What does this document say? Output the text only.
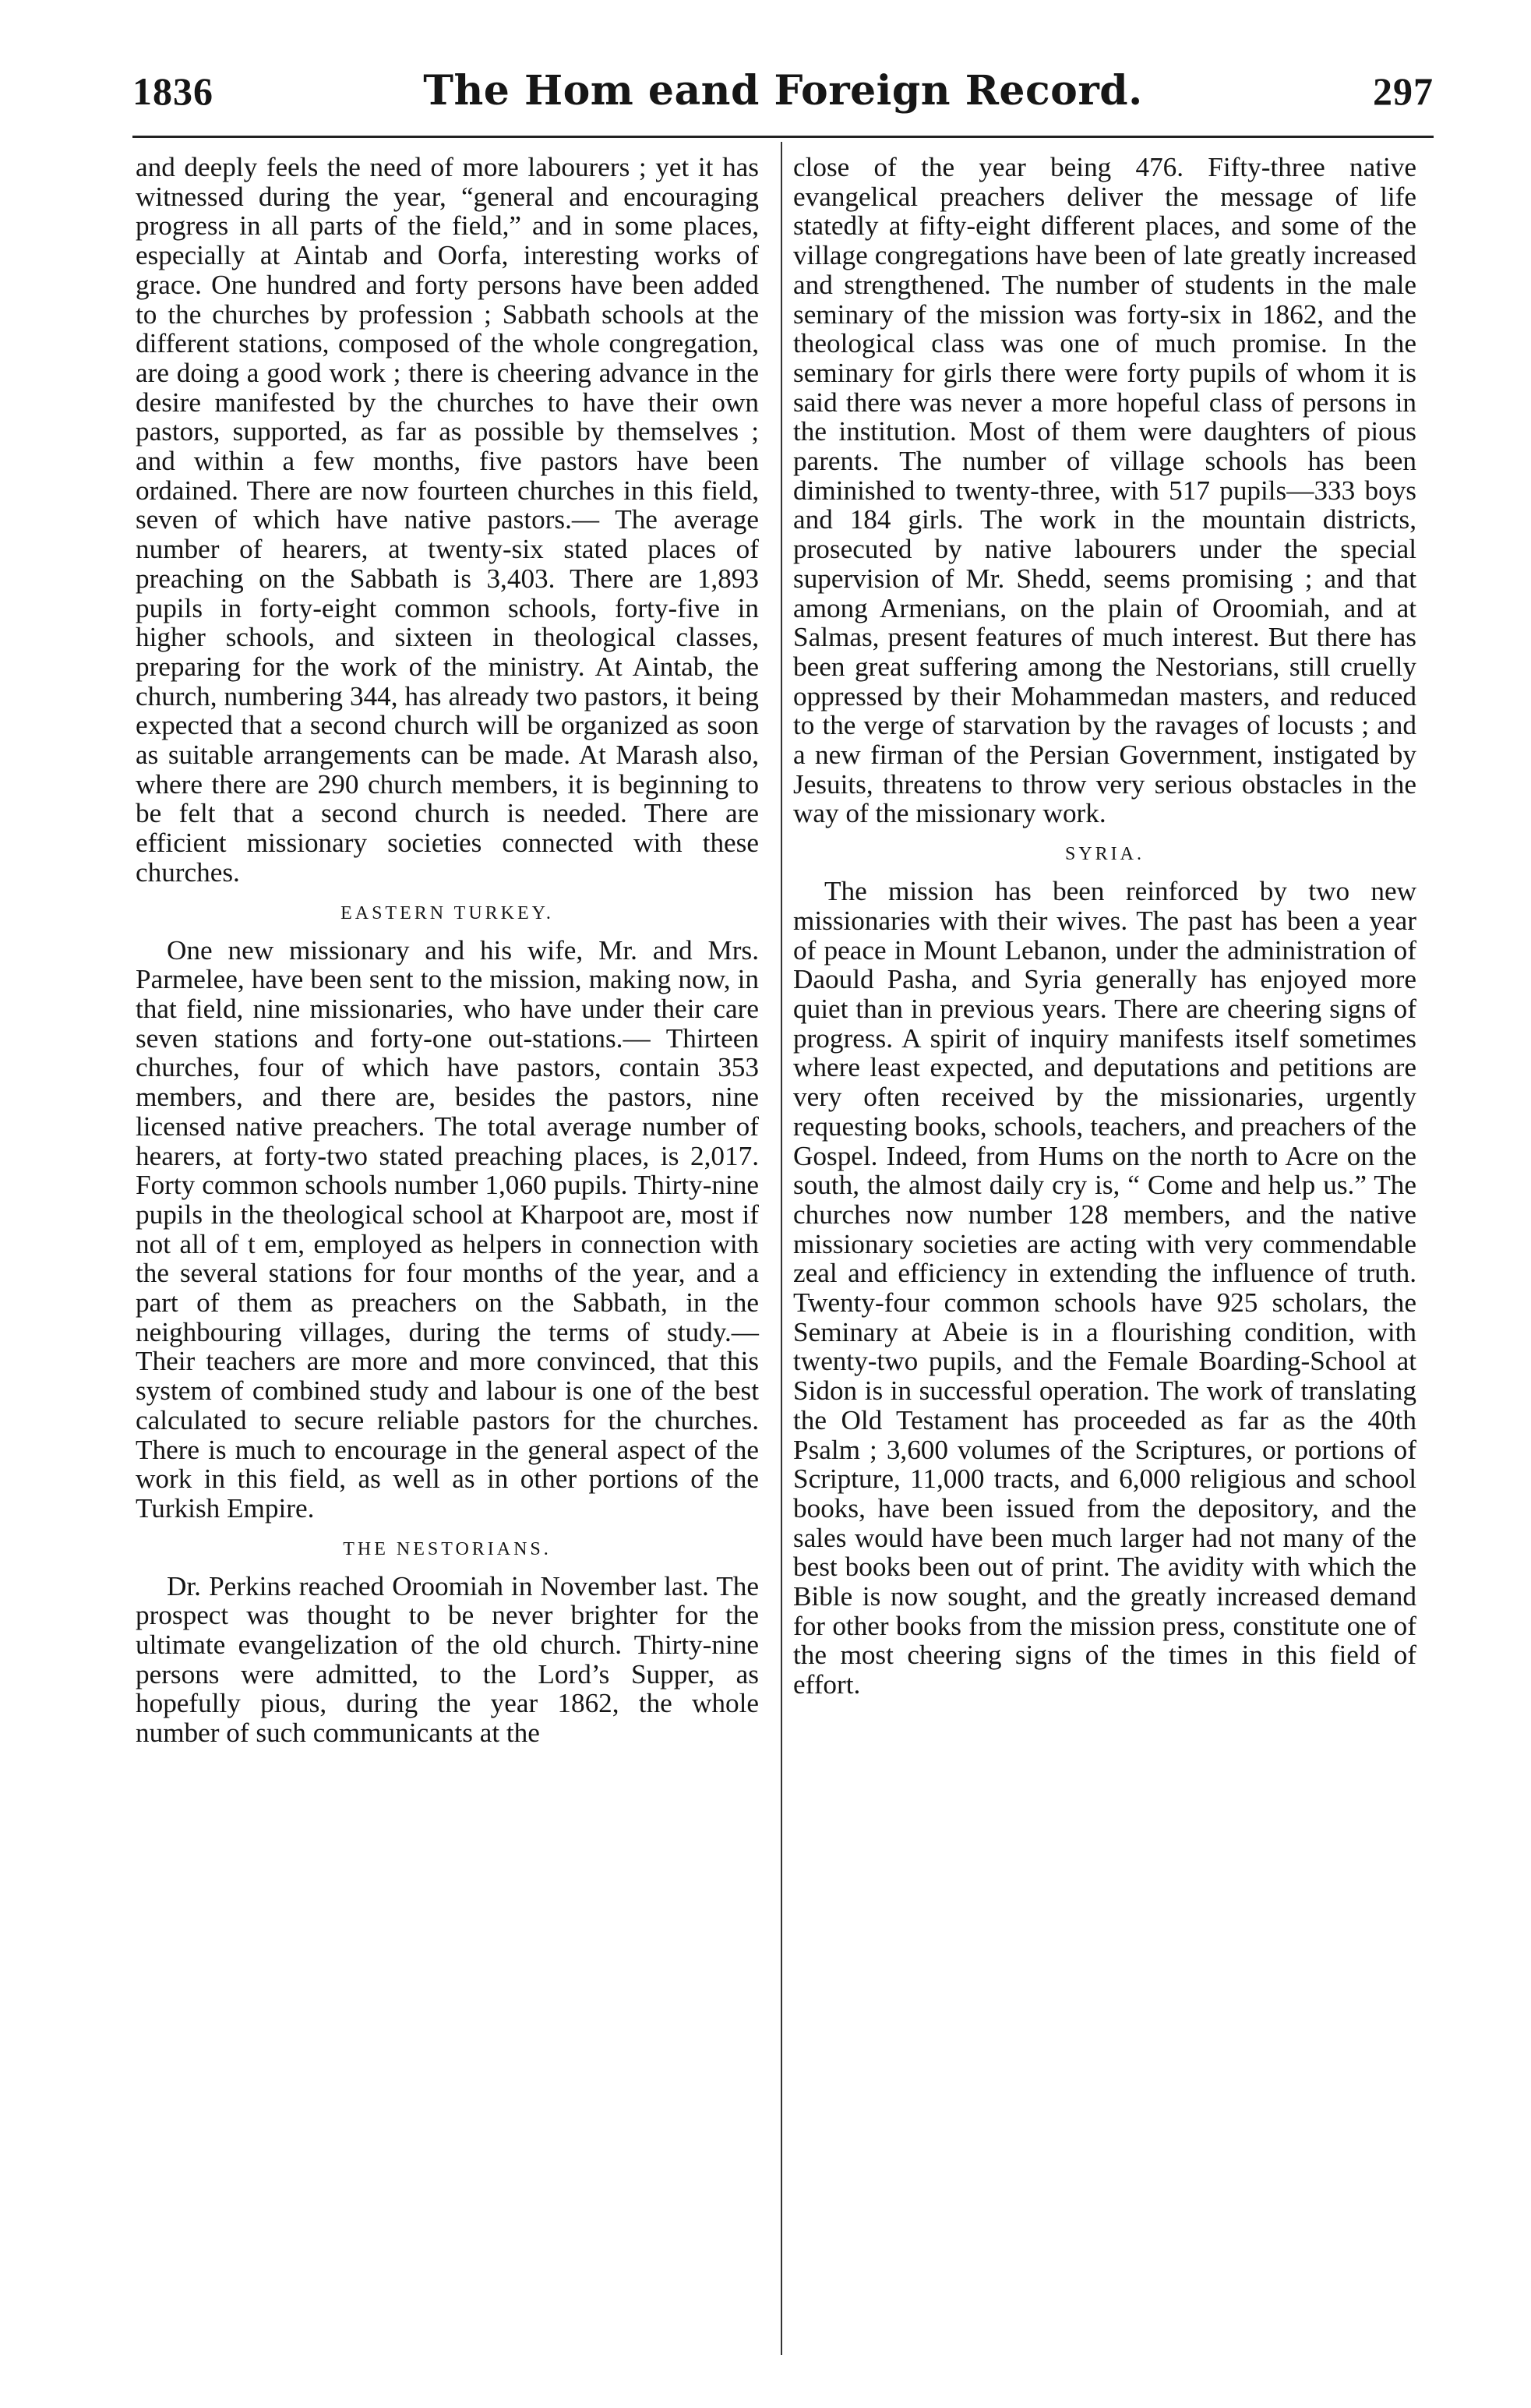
1836	The Hom eand Foreign Record.	297

and deeply feels the need of more labourers ; yet it has witnessed during the year, “general and encouraging progress in all parts of the field,” and in some places, especially at Aintab and Oorfa, interesting works of grace. One hundred and forty persons have been added to the churches by profession ; Sabbath schools at the different stations, composed of the whole congregation, are doing a good work ; there is cheering advance in the desire manifested by the churches to have their own pastors, supported, as far as possible by themselves ; and within a few months, five pastors have been ordained. There are now fourteen churches in this field, seven of which have native pastors.— The average number of hearers, at twenty-six stated places of preaching on the Sabbath is 3,403. There are 1,893 pupils in forty-eight common schools, forty-five in higher schools, and sixteen in theological classes, preparing for the work of the ministry. At Aintab, the church, numbering 344, has already two pastors, it being expected that a second church will be organized as soon as suitable arrangements can be made. At Marash also, where there are 290 church members, it is beginning to be felt that a second church is needed. There are efficient missionary societies connected with these churches.

EASTERN TURKEY.

One new missionary and his wife, Mr. and Mrs. Parmelee, have been sent to the mission, making now, in that field, nine missionaries, who have under their care seven stations and forty-one out-stations.— Thirteen churches, four of which have pastors, contain 353 members, and there are, besides the pastors, nine licensed native preachers. The total average number of hearers, at forty-two stated preaching places, is 2,017. Forty common schools number 1,060 pupils. Thirty-nine pupils in the theological school at Kharpoot are, most if not all of t em, employed as helpers in connection with the several stations for four months of the year, and a part of them as preachers on the Sabbath, in the neighbouring villages, during the terms of study.— Their teachers are more and more convinced, that this system of combined study and labour is one of the best calculated to secure reliable pastors for the churches. There is much to encourage in the general aspect of the work in this field, as well as in other portions of the Turkish Empire.

THE NESTORIANS.

Dr. Perkins reached Oroomiah in November last. The prospect was thought to be never brighter for the ultimate evangelization of the old church. Thirty-nine persons were admitted, to the Lord’s Supper, as hopefully pious, during the year 1862, the whole number of such communicants at the

close of the year being 476. Fifty-three native evangelical preachers deliver the message of life statedly at fifty-eight different places, and some of the village congregations have been of late greatly increased and strengthened. The number of students in the male seminary of the mission was forty-six in 1862, and the theological class was one of much promise. In the seminary for girls there were forty pupils of whom it is said there was never a more hopeful class of persons in the institution. Most of them were daughters of pious parents. The number of village schools has been diminished to twenty-three, with 517 pupils—333 boys and 184 girls. The work in the mountain districts, prosecuted by native labourers under the special supervision of Mr. Shedd, seems promising ; and that among Armenians, on the plain of Oroomiah, and at Salmas, present features of much interest. But there has been great suffering among the Nestorians, still cruelly oppressed by their Mohammedan masters, and reduced to the verge of starvation by the ravages of locusts ; and a new firman of the Persian Government, instigated by Jesuits, threatens to throw very serious obstacles in the way of the missionary work.

SYRIA.

The mission has been reinforced by two new missionaries with their wives. The past has been a year of peace in Mount Lebanon, under the administration of Daould Pasha, and Syria generally has enjoyed more quiet than in previous years. There are cheering signs of progress. A spirit of inquiry manifests itself sometimes where least expected, and deputations and petitions are very often received by the missionaries, urgently requesting books, schools, teachers, and preachers of the Gospel. Indeed, from Hums on the north to Acre on the south, the almost daily cry is, “ Come and help us.” The churches now number 128 members, and the native missionary societies are acting with very commendable zeal and efficiency in extending the influence of truth. Twenty-four common schools have 925 scholars, the Seminary at Abeie is in a flourishing condition, with twenty-two pupils, and the Female Boarding-School at Sidon is in successful operation. The work of translating the Old Testament has proceeded as far as the 40th Psalm ; 3,600 volumes of the Scriptures, or portions of Scripture, 11,000 tracts, and 6,000 religious and school books, have been issued from the depository, and the sales would have been much larger had not many of the best books been out of print. The avidity with which the Bible is now sought, and the greatly increased demand for other books from the mission press, constitute one of the most cheering signs of the times in this field of effort.
